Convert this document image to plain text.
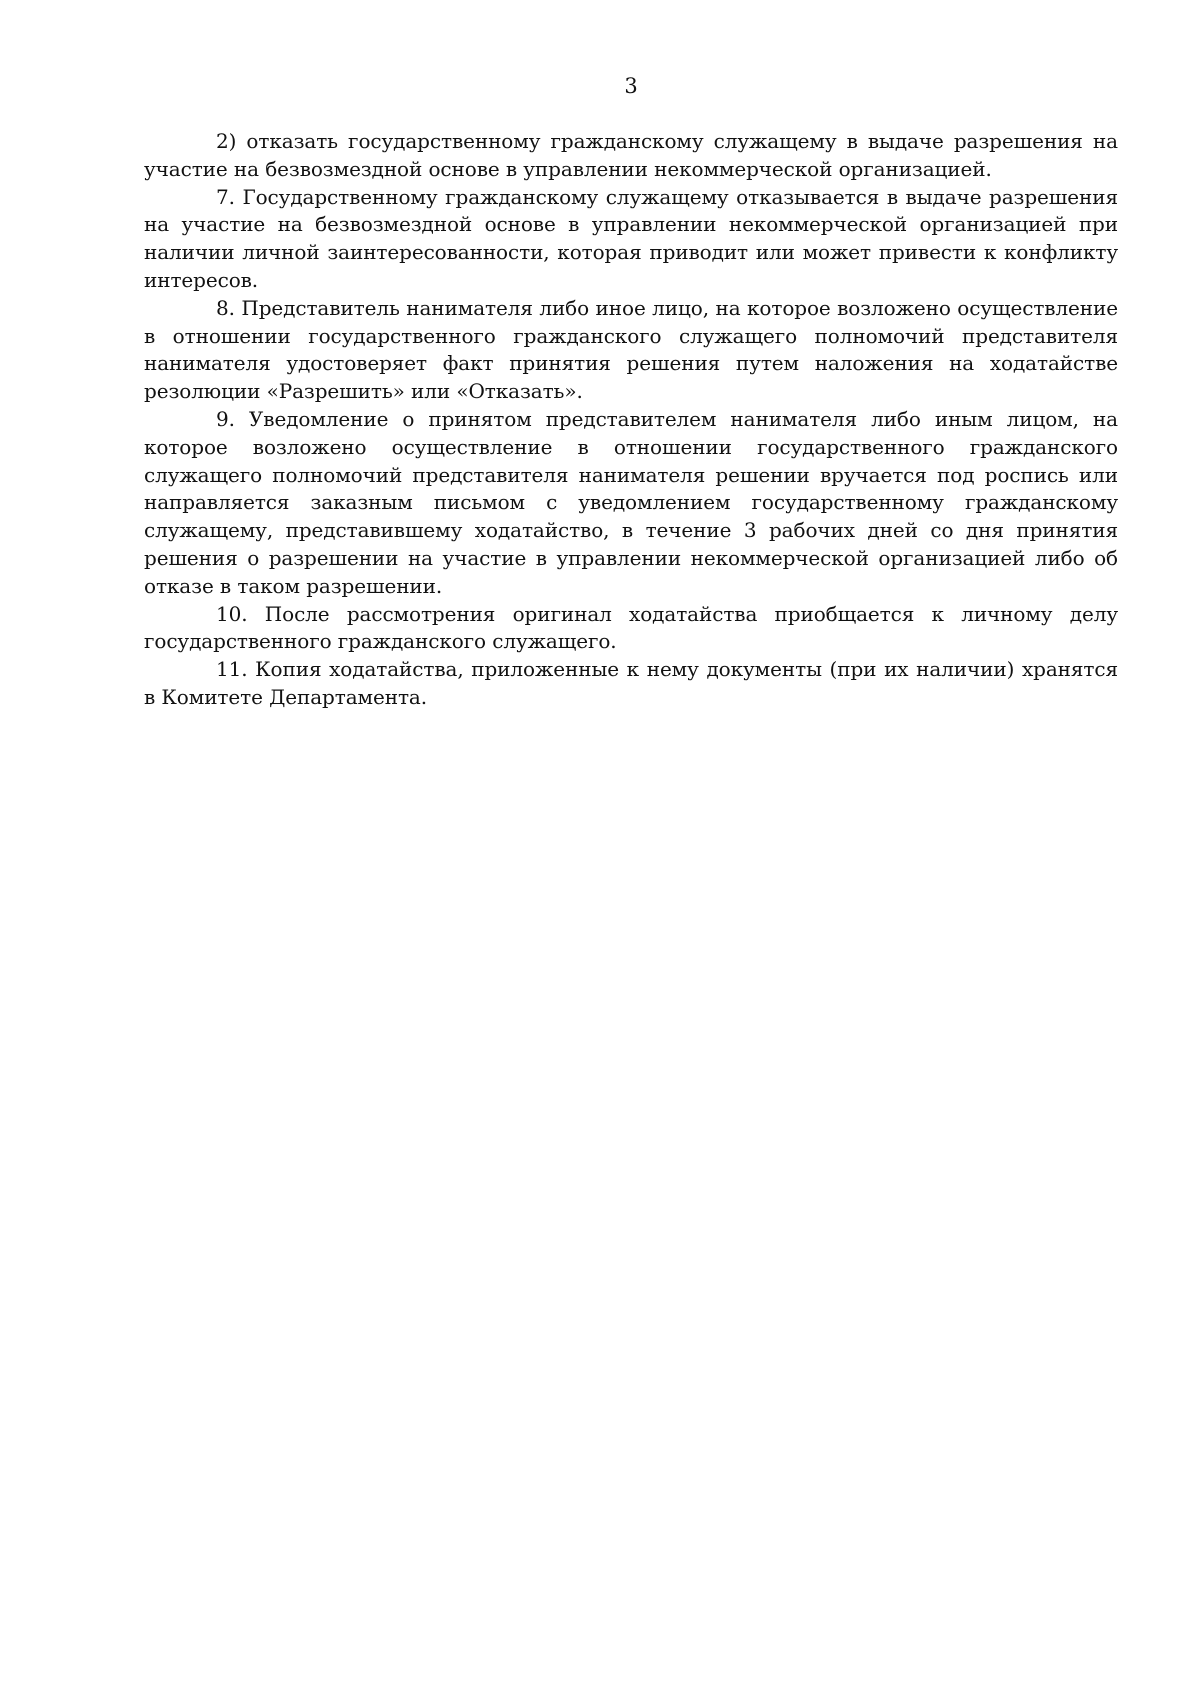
3

2) отказать государственному гражданскому служащему в выдаче разрешения на участие на безвозмездной основе в управлении некоммерческой организацией.

7. Государственному гражданскому служащему отказывается в выдаче разрешения на участие на безвозмездной основе в управлении некоммерческой организацией при наличии личной заинтересованности, которая приводит или может привести к конфликту интересов.

8. Представитель нанимателя либо иное лицо, на которое возложено осуществление в отношении государственного гражданского служащего полномочий представителя нанимателя удостоверяет факт принятия решения путем наложения на ходатайстве резолюции «Разрешить» или «Отказать».

9. Уведомление о принятом представителем нанимателя либо иным лицом, на которое возложено осуществление в отношении государственного гражданского служащего полномочий представителя нанимателя решении вручается под роспись или направляется заказным письмом с уведомлением государственному гражданскому служащему, представившему ходатайство, в течение 3 рабочих дней со дня принятия решения о разрешении на участие в управлении некоммерческой организацией либо об отказе в таком разрешении.

10. После рассмотрения оригинал ходатайства приобщается к личному делу государственного гражданского служащего.

11. Копия ходатайства, приложенные к нему документы (при их наличии) хранятся в Комитете Департамента.
